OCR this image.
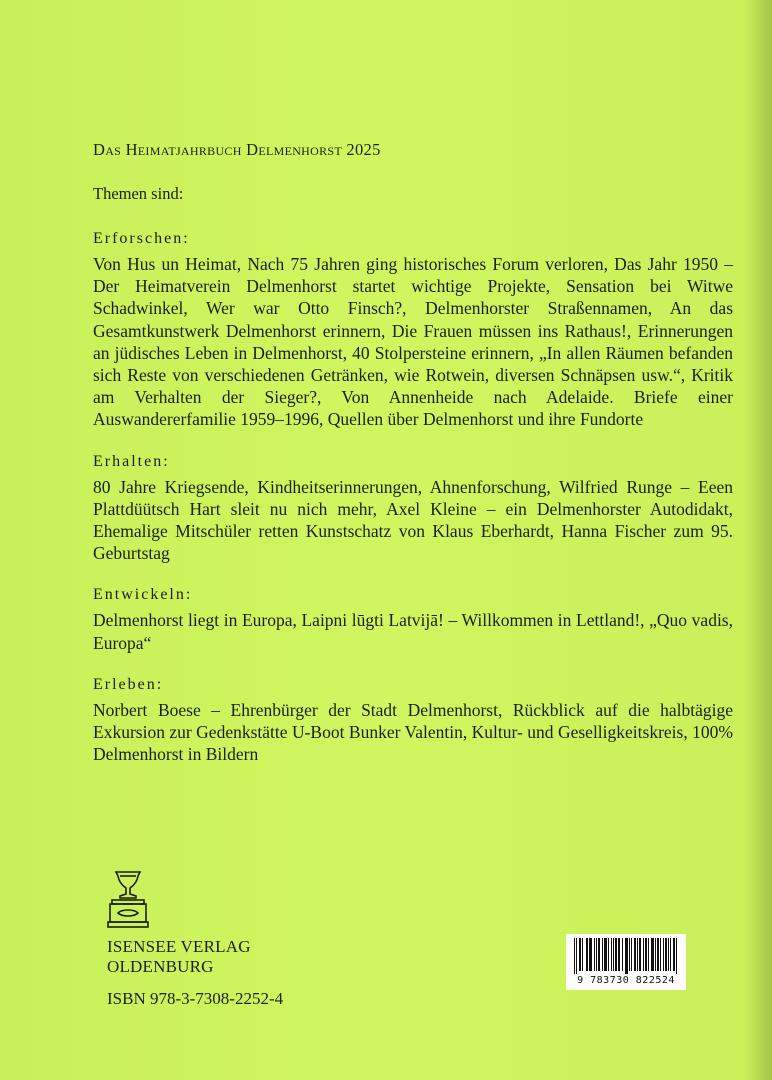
Das Heimatjahrbuch Delmenhorst 2025
Themen sind:
Erforschen:
Von Hus un Heimat, Nach 75 Jahren ging historisches Forum verloren, Das Jahr 1950 – Der Heimatverein Delmenhorst startet wichtige Projekte, Sensation bei Witwe Schadwinkel, Wer war Otto Finsch?, Delmenhorster Straßennamen, An das Gesamtkunstwerk Delmenhorst erinnern, Die Frauen müssen ins Rathaus!, Erinnerungen an jüdisches Leben in Delmenhorst, 40 Stolpersteine erinnern, „In allen Räumen befanden sich Reste von verschiedenen Getränken, wie Rotwein, diversen Schnäpsen usw.“, Kritik am Verhalten der Sieger?, Von Annenheide nach Adelaide. Briefe einer Auswandererfamilie 1959–1996, Quellen über Delmenhorst und ihre Fundorte
Erhalten:
80 Jahre Kriegsende, Kindheitserinnerungen, Ahnenforschung, Wilfried Runge – Eeen Plattdüütsch Hart sleit nu nich mehr, Axel Kleine – ein Delmenhorster Autodidakt, Ehemalige Mitschüler retten Kunstschatz von Klaus Eberhardt, Hanna Fischer zum 95. Geburtstag
Entwickeln:
Delmenhorst liegt in Europa, Laipni lūgti Latvijā! – Willkommen in Lettland!, „Quo vadis, Europa“
Erleben:
Norbert Boese – Ehrenbürger der Stadt Delmenhorst, Rückblick auf die halbtägige Exkursion zur Gedenkstätte U-Boot Bunker Valentin, Kultur- und Geselligkeitskreis, 100% Delmenhorst in Bildern
ISENSEE VERLAG
OLDENBURG
ISBN 978-3-7308-2252-4
9 783730 822524
